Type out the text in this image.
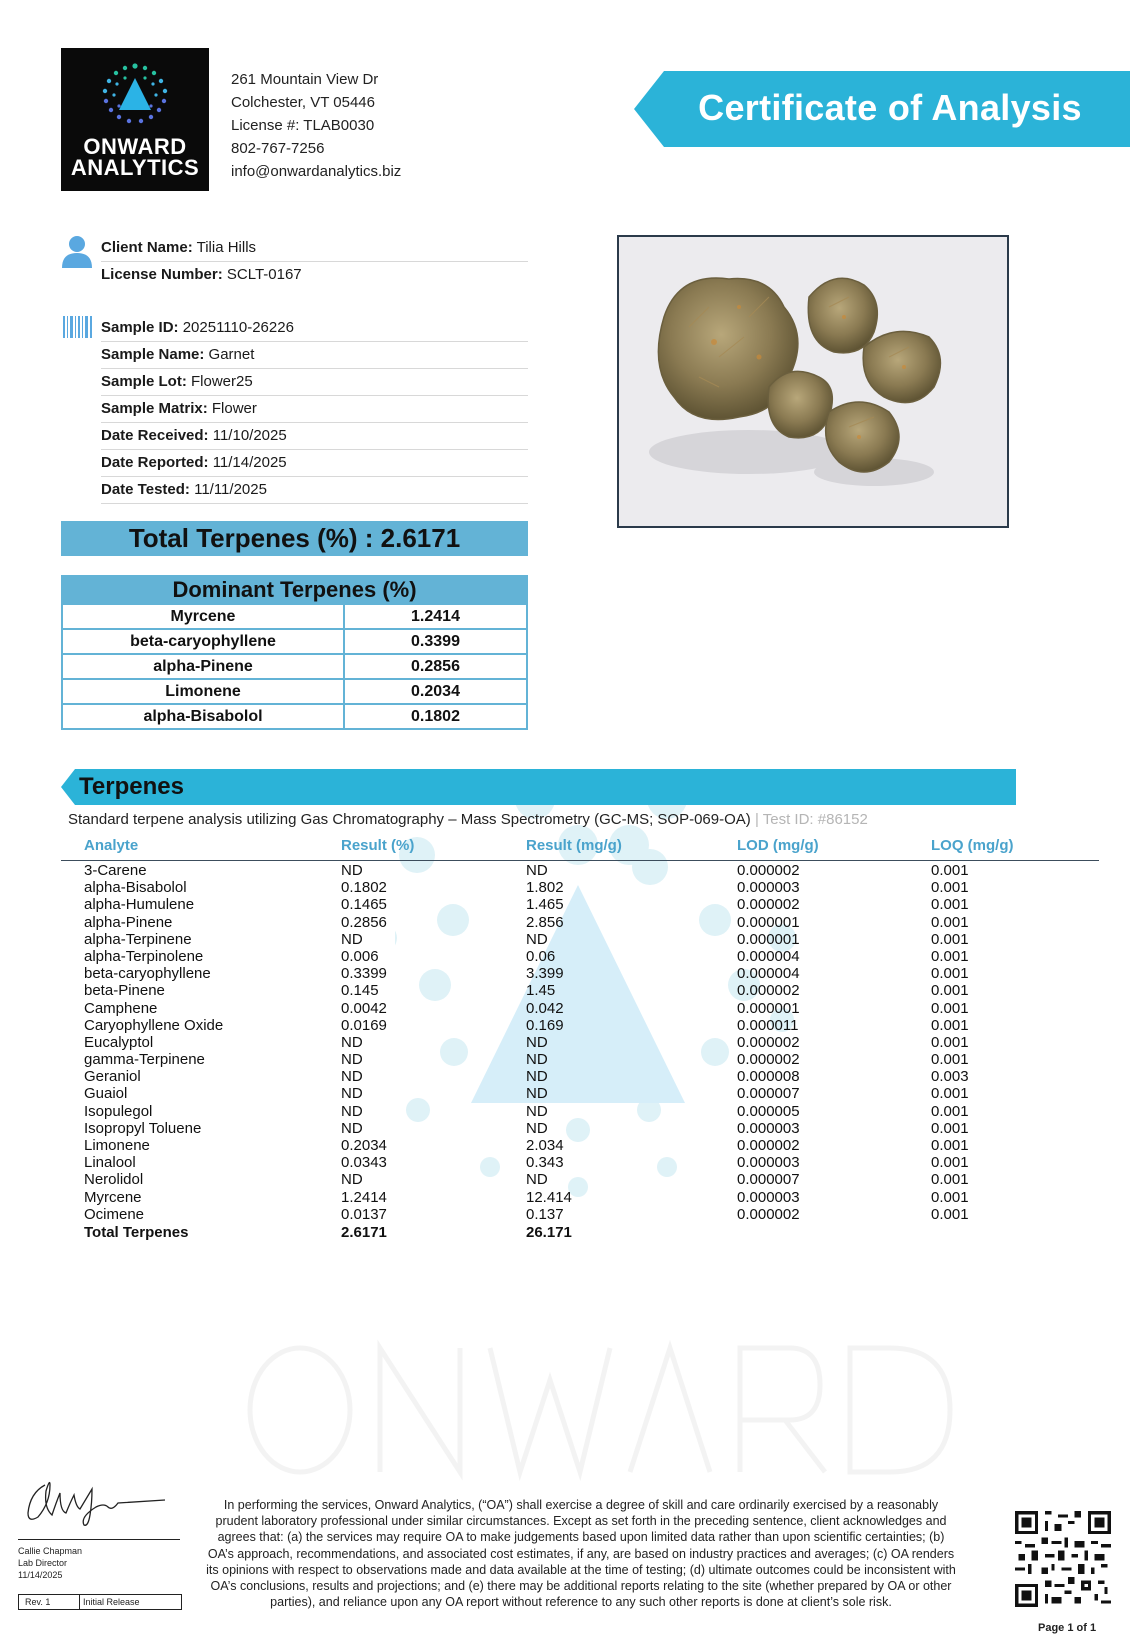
ONWARD
ANALYTICS
261 Mountain View Dr
Colchester, VT 05446
License #: TLAB0030
802-767-7256
info@onwardanalytics.biz
Certificate of Analysis
Client Name: Tilia Hills
License Number: SCLT-0167
Sample ID: 20251110-26226
Sample Name: Garnet
Sample Lot: Flower25
Sample Matrix: Flower
Date Received: 11/10/2025
Date Reported: 11/14/2025
Date Tested: 11/11/2025
Total Terpenes (%) : 2.6171
Dominant Terpenes (%)	
Myrcene	1.2414
beta-caryophyllene	0.3399
alpha-Pinene	0.2856
Limonene	0.2034
alpha-Bisabolol	0.1802
Terpenes
Standard terpene analysis utilizing Gas Chromatography – Mass Spectrometry (GC-MS; SOP-069-OA) | Test ID: #86152
Analyte	Result (%)	Result (mg/g)	LOD (mg/g)	LOQ (mg/g)
3-Carene	ND	ND	0.000002	0.001
alpha-Bisabolol	0.1802	1.802	0.000003	0.001
alpha-Humulene	0.1465	1.465	0.000002	0.001
alpha-Pinene	0.2856	2.856	0.000001	0.001
alpha-Terpinene	ND	ND	0.000001	0.001
alpha-Terpinolene	0.006	0.06	0.000004	0.001
beta-caryophyllene	0.3399	3.399	0.000004	0.001
beta-Pinene	0.145	1.45	0.000002	0.001
Camphene	0.0042	0.042	0.000001	0.001
Caryophyllene Oxide	0.0169	0.169	0.000011	0.001
Eucalyptol	ND	ND	0.000002	0.001
gamma-Terpinene	ND	ND	0.000002	0.001
Geraniol	ND	ND	0.000008	0.003
Guaiol	ND	ND	0.000007	0.001
Isopulegol	ND	ND	0.000005	0.001
Isopropyl Toluene	ND	ND	0.000003	0.001
Limonene	0.2034	2.034	0.000002	0.001
Linalool	0.0343	0.343	0.000003	0.001
Nerolidol	ND	ND	0.000007	0.001
Myrcene	1.2414	12.414	0.000003	0.001
Ocimene	0.0137	0.137	0.000002	0.001
Total Terpenes	2.6171	26.171
Callie Chapman
Lab Director
11/14/2025
Rev. 1	Initial Release
In performing the services, Onward Analytics, (“OA”) shall exercise a degree of skill and care ordinarily exercised by a reasonably prudent laboratory professional under similar circumstances. Except as set forth in the preceding sentence, client acknowledges and agrees that: (a) the services may require OA to make judgements based upon limited data rather than upon scientific certainties; (b) OA’s approach, recommendations, and associated cost estimates, if any, are based on industry practices and averages; (c) OA renders its opinions with respect to observations made and data available at the time of testing; (d) ultimate outcomes could be inconsistent with OA’s conclusions, results and projections; and (e) there may be additional reports relating to the site (whether prepared by OA or other parties), and reliance upon any OA report without reference to any such other reports is done at client’s sole risk.
Page 1 of 1
